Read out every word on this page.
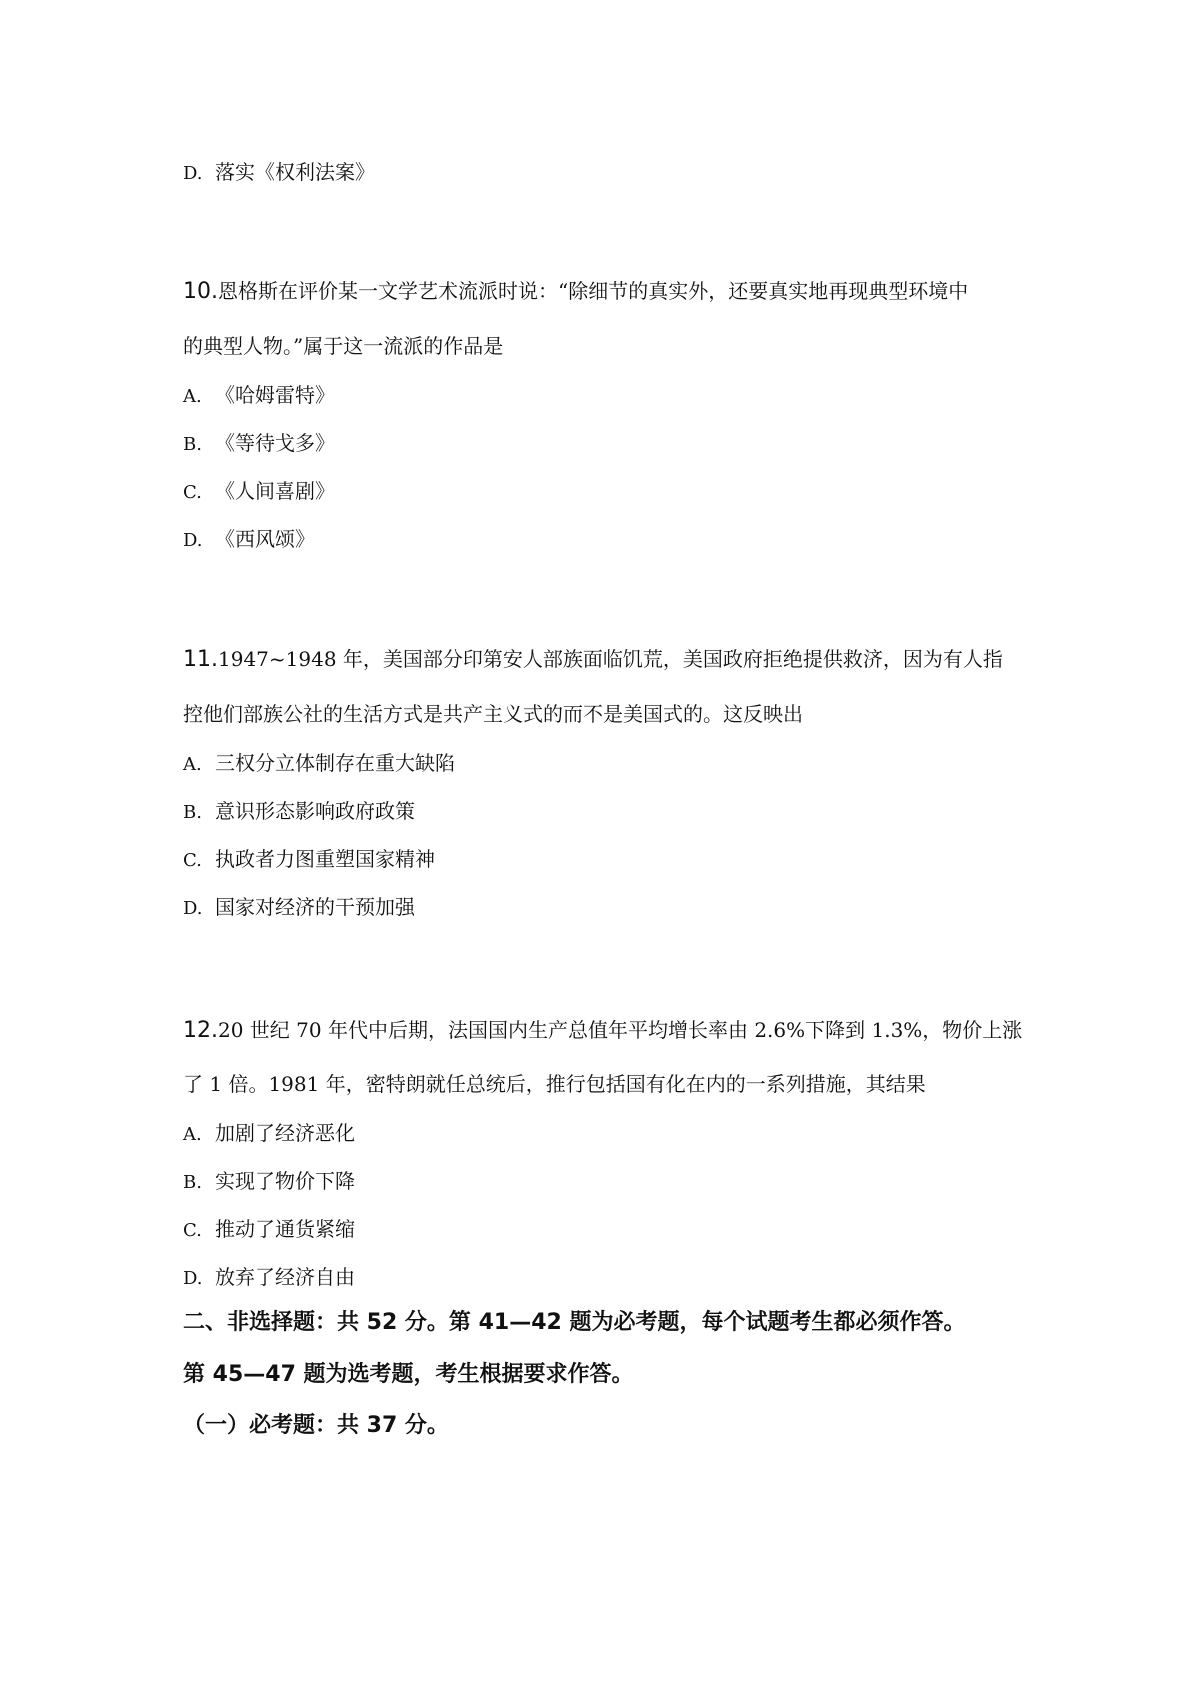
D. 落实《权利法案》
10.恩格斯在评价某一文学艺术流派时说：“除细节的真实外，还要真实地再现典型环境中
的典型人物。”属于这一流派的作品是
A. 《哈姆雷特》
B. 《等待戈多》
C. 《人间喜剧》
D. 《西风颂》
11.1947~1948 年，美国部分印第安人部族面临饥荒，美国政府拒绝提供救济，因为有人指
控他们部族公社的生活方式是共产主义式的而不是美国式的。这反映出
A. 三权分立体制存在重大缺陷
B. 意识形态影响政府政策
C. 执政者力图重塑国家精神
D. 国家对经济的干预加强
12.20 世纪 70 年代中后期，法国国内生产总值年平均增长率由 2.6%下降到 1.3%，物价上涨
了 1 倍。1981 年，密特朗就任总统后，推行包括国有化在内的一系列措施，其结果
A. 加剧了经济恶化
B. 实现了物价下降
C. 推动了通货紧缩
D. 放弃了经济自由
二、非选择题：共 52 分。第 41—42 题为必考题，每个试题考生都必须作答。
第 45—47 题为选考题，考生根据要求作答。
（一）必考题：共 37 分。
